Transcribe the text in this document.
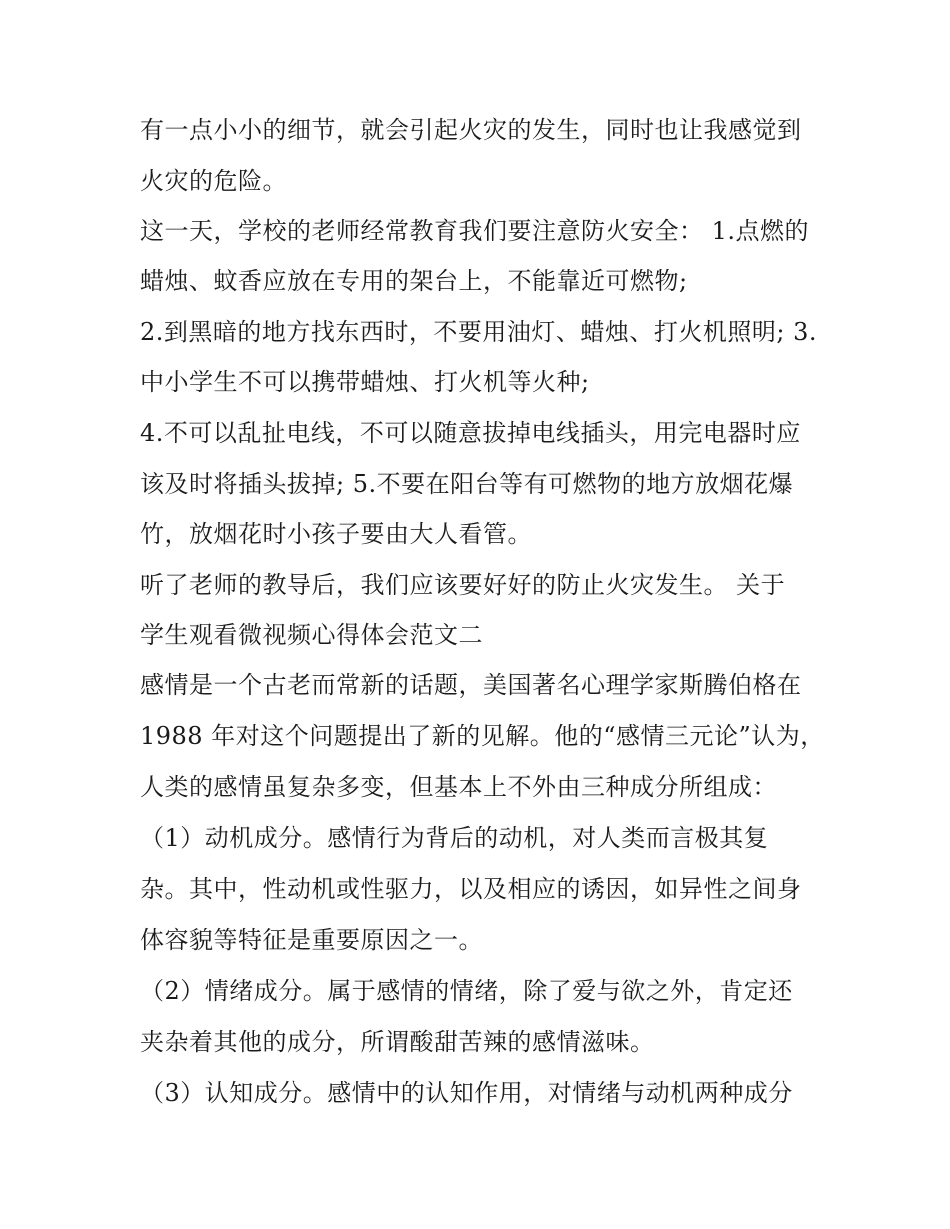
有一点小小的细节，就会引起火灾的发生，同时也让我感觉到
火灾的危险。
这一天，学校的老师经常教育我们要注意防火安全： 1.点燃的
蜡烛、蚊香应放在专用的架台上，不能靠近可燃物;
2.到黑暗的地方找东西时，不要用油灯、蜡烛、打火机照明; 3.
中小学生不可以携带蜡烛、打火机等火种;
4.不可以乱扯电线，不可以随意拔掉电线插头，用完电器时应
该及时将插头拔掉; 5.不要在阳台等有可燃物的地方放烟花爆
竹，放烟花时小孩子要由大人看管。
听了老师的教导后，我们应该要好好的防止火灾发生。 关于
学生观看微视频心得体会范文二
感情是一个古老而常新的话题，美国著名心理学家斯腾伯格在
1988 年对这个问题提出了新的见解。他的“感情三元论”认为，
人类的感情虽复杂多变，但基本上不外由三种成分所组成：
（1）动机成分。感情行为背后的动机，对人类而言极其复
杂。其中，性动机或性驱力，以及相应的诱因，如异性之间身
体容貌等特征是重要原因之一。
（2）情绪成分。属于感情的情绪，除了爱与欲之外，肯定还
夹杂着其他的成分，所谓酸甜苦辣的感情滋味。
（3）认知成分。感情中的认知作用，对情绪与动机两种成分
